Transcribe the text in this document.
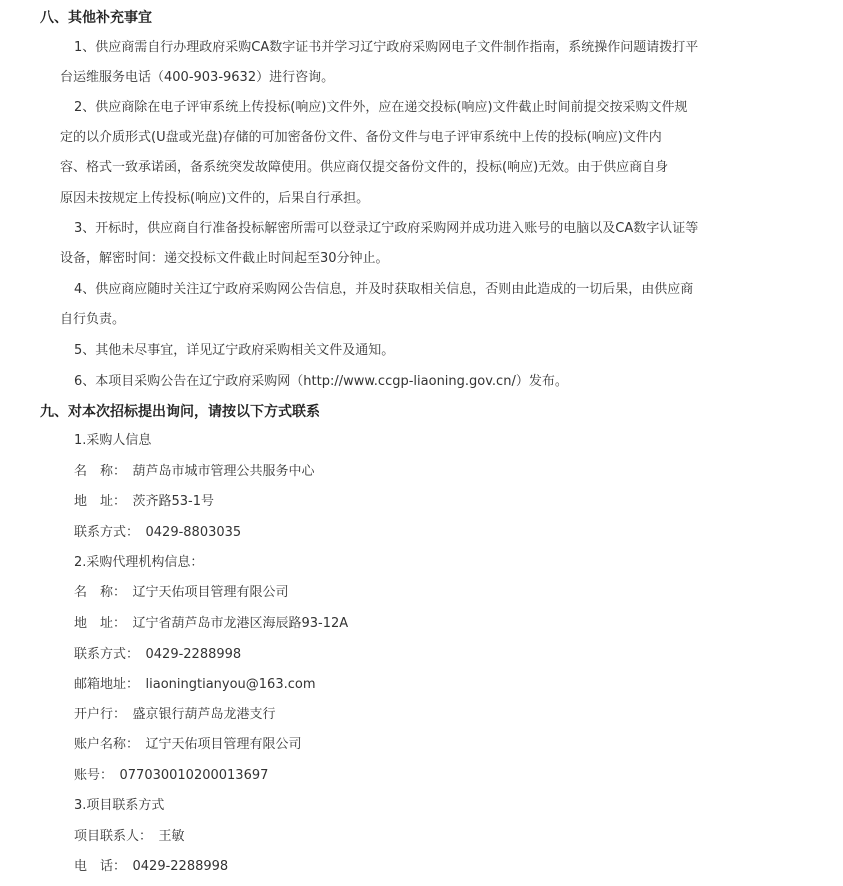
八、其他补充事宜
1、供应商需自行办理政府采购CA数字证书并学习辽宁政府采购网电子文件制作指南，系统操作问题请拨打平
台运维服务电话（400-903-9632）进行咨询。
2、供应商除在电子评审系统上传投标(响应)文件外，应在递交投标(响应)文件截止时间前提交按采购文件规
定的以介质形式(U盘或光盘)存储的可加密备份文件、备份文件与电子评审系统中上传的投标(响应)文件内
容、格式一致承诺函，备系统突发故障使用。供应商仅提交备份文件的，投标(响应)无效。由于供应商自身
原因未按规定上传投标(响应)文件的，后果自行承担。
3、开标时，供应商自行准备投标解密所需可以登录辽宁政府采购网并成功进入账号的电脑以及CA数字认证等
设备，解密时间：递交投标文件截止时间起至30分钟止。
4、供应商应随时关注辽宁政府采购网公告信息，并及时获取相关信息，否则由此造成的一切后果，由供应商
自行负责。
5、其他未尽事宜，详见辽宁政府采购相关文件及通知。
6、本项目采购公告在辽宁政府采购网（http://www.ccgp-liaoning.gov.cn/）发布。
九、对本次招标提出询问，请按以下方式联系
1.采购人信息
名　称：　葫芦岛市城市管理公共服务中心
地　址：　茨齐路53-1号
联系方式：　0429-8803035
2.采购代理机构信息：
名　称：　辽宁天佑项目管理有限公司
地　址：　辽宁省葫芦岛市龙港区海辰路93-12A
联系方式：　0429-2288998
邮箱地址：　liaoningtianyou@163.com
开户行：　盛京银行葫芦岛龙港支行
账户名称：　辽宁天佑项目管理有限公司
账号：　077030010200013697
3.项目联系方式
项目联系人：　王敏
电　话：　0429-2288998
